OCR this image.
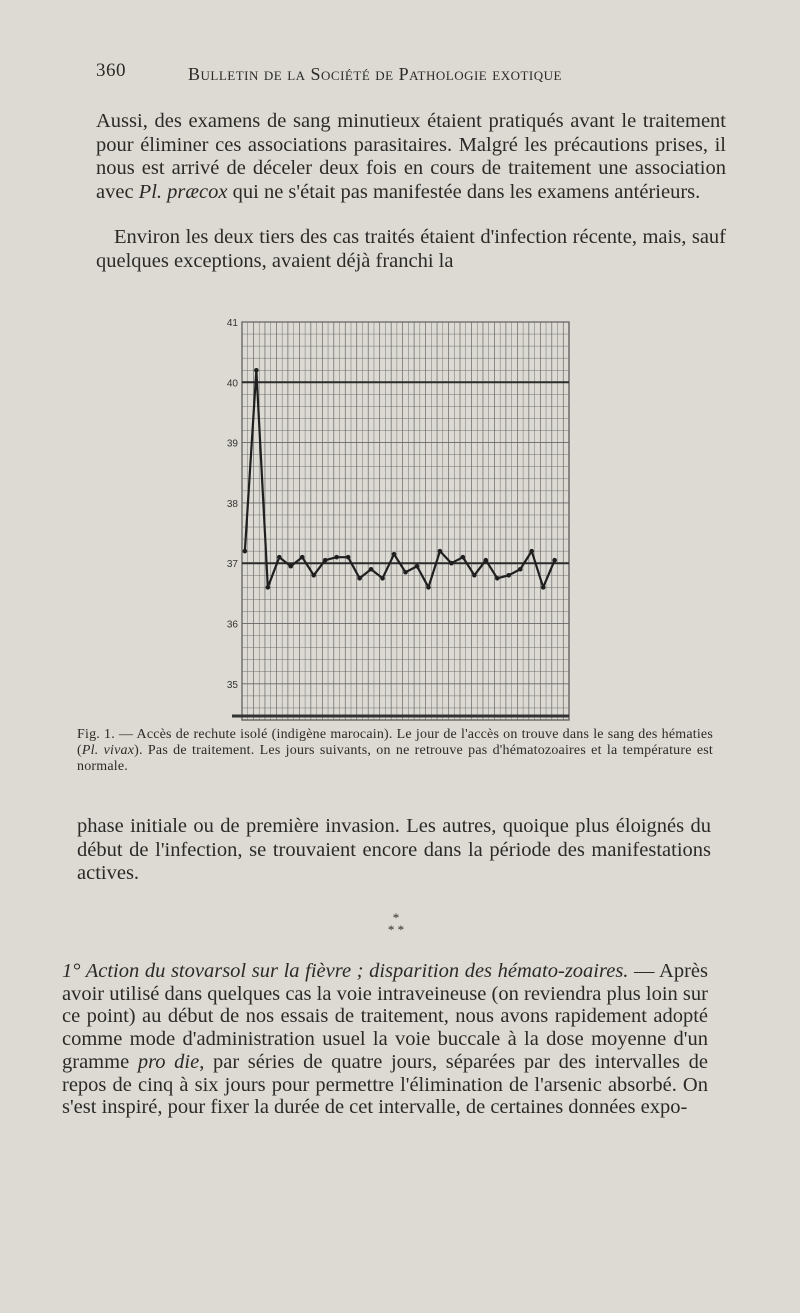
360	Bulletin de la Société de Pathologie exotique

Aussi, des examens de sang minutieux étaient pratiqués avant le traitement pour éliminer ces associations parasitaires. Malgré les précautions prises, il nous est arrivé de déceler deux fois en cours de traitement une association avec Pl. præcox qui ne s'était pas manifestée dans les examens antérieurs.

Environ les deux tiers des cas traités étaient d'infection récente, mais, sauf quelques exceptions, avaient déjà franchi la

41
40
39
38
37
36
35
Fig. 1. — Accès de rechute isolé (indigène marocain). Le jour de l'accès on trouve dans le sang des hématies (Pl. vivax). Pas de traitement. Les jours suivants, on ne retrouve pas d'hématozoaires et la température est normale.

phase initiale ou de première invasion. Les autres, quoique plus éloignés du début de l'infection, se trouvaient encore dans la période des manifestations actives.

*
* *

1° Action du stovarsol sur la fièvre ; disparition des hémato-zoaires. — Après avoir utilisé dans quelques cas la voie intraveineuse (on reviendra plus loin sur ce point) au début de nos essais de traitement, nous avons rapidement adopté comme mode d'administration usuel la voie buccale à la dose moyenne d'un gramme pro die, par séries de quatre jours, séparées par des intervalles de repos de cinq à six jours pour permettre l'élimination de l'arsenic absorbé. On s'est inspiré, pour fixer la durée de cet intervalle, de certaines données expo-
